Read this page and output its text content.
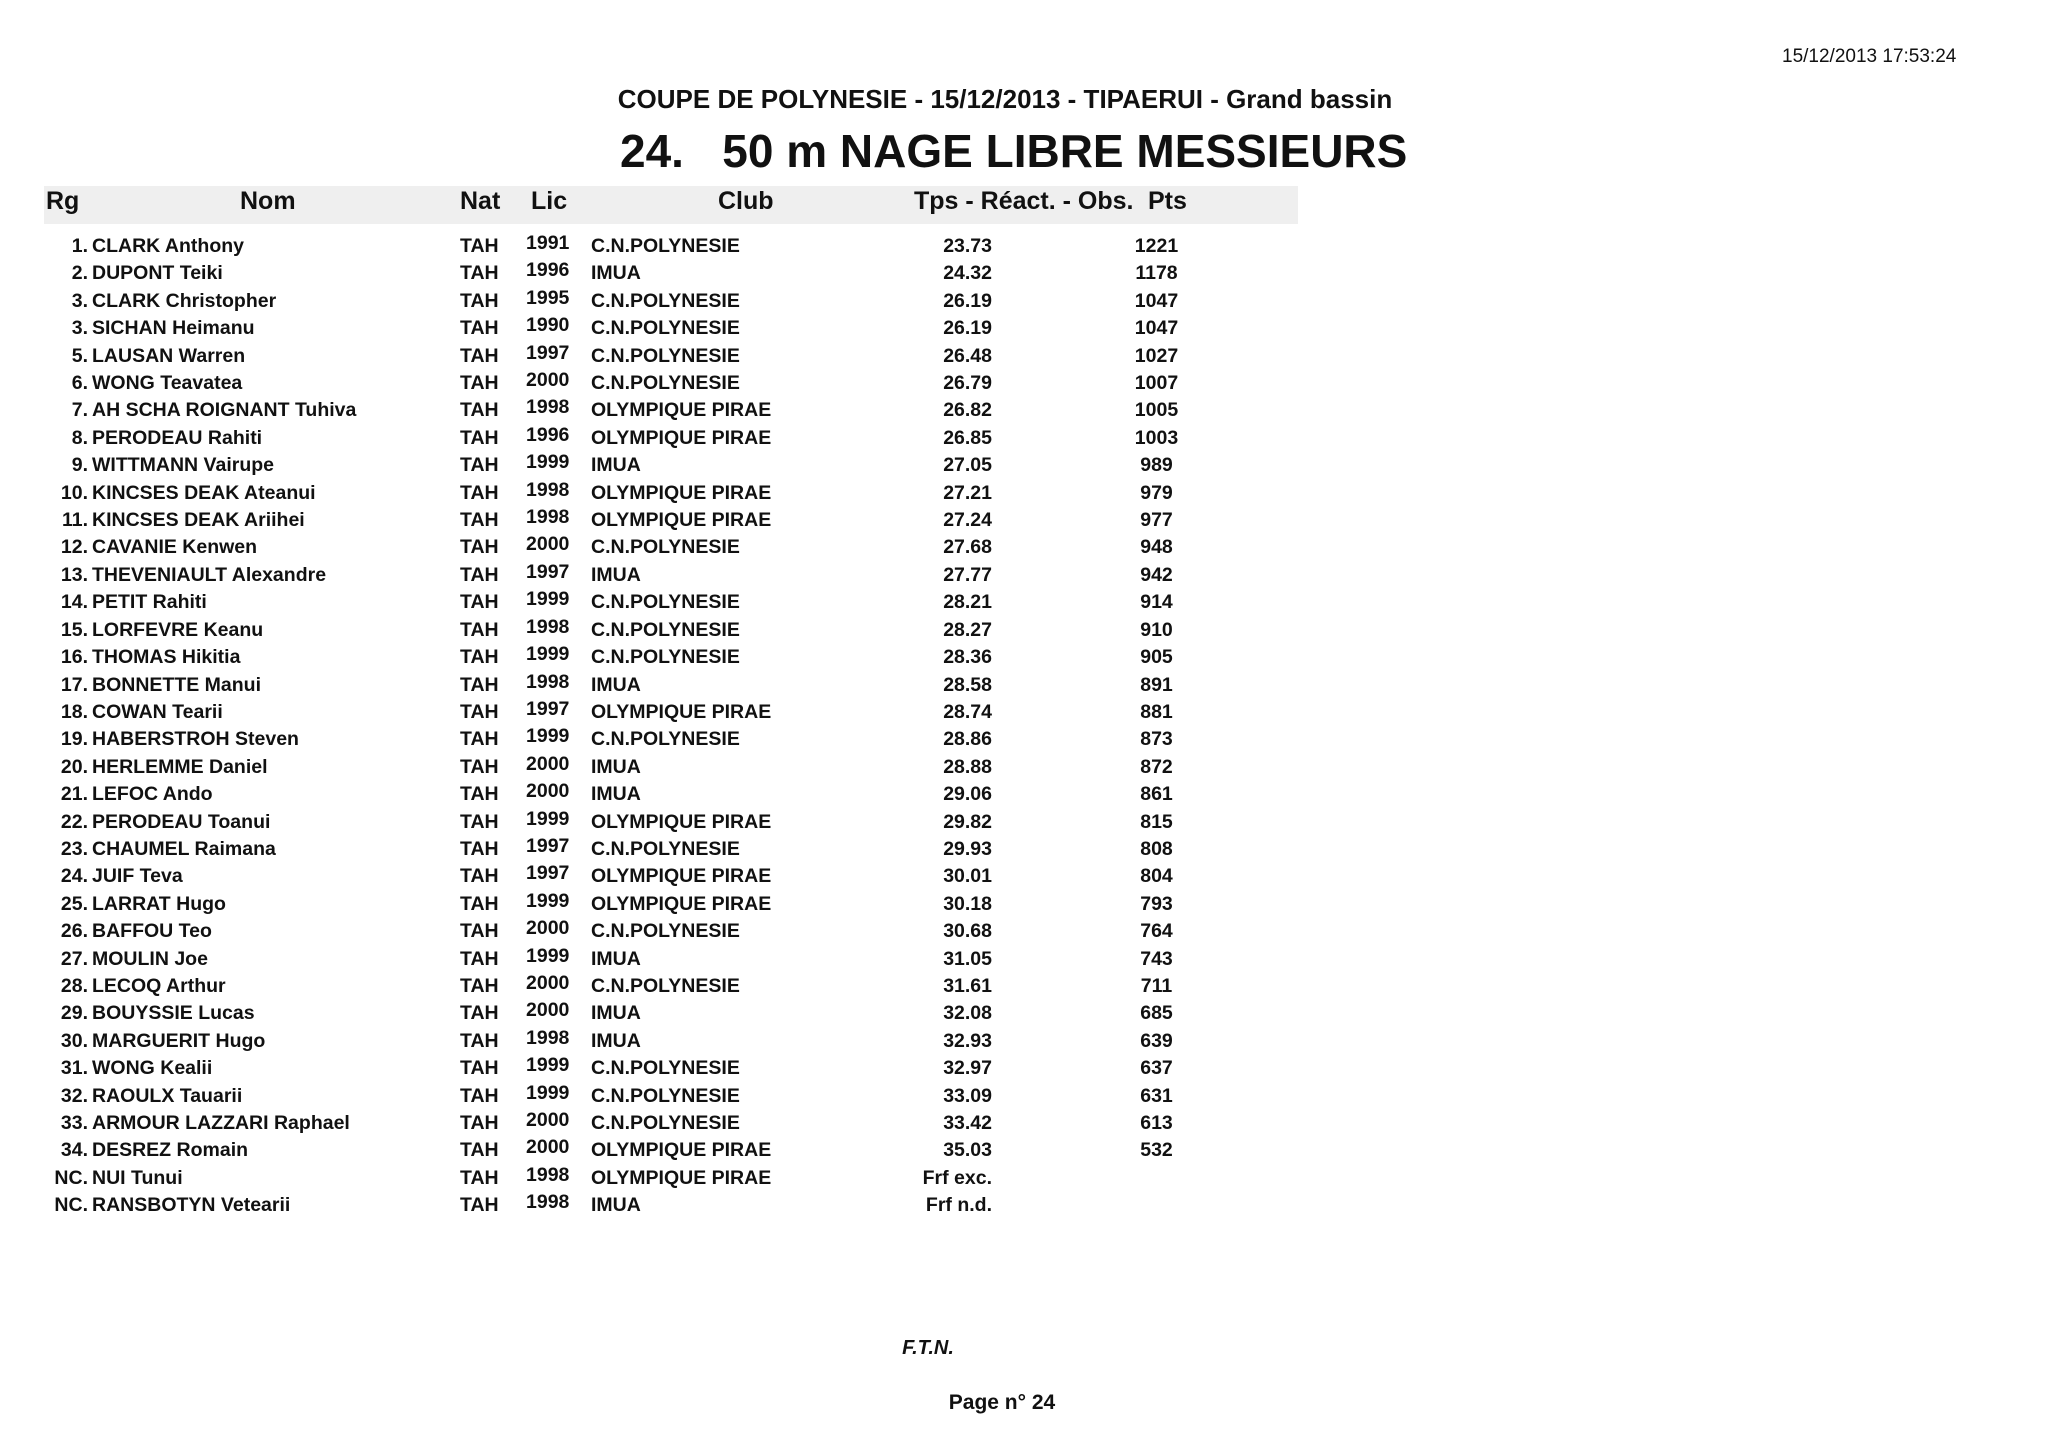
15/12/2013 17:53:24
COUPE DE POLYNESIE - 15/12/2013 - TIPAERUI - Grand bassin
24.   50 m NAGE LIBRE MESSIEURS
Rg	Nom	Nat Lic	Club	Tps - Réact. - Obs. Pts
1. CLARK Anthony	TAH 1991 C.N.POLYNESIE	23.73	1221
2. DUPONT Teiki	TAH 1996 IMUA	24.32	1178
3. CLARK Christopher	TAH 1995 C.N.POLYNESIE	26.19	1047
3. SICHAN Heimanu	TAH 1990 C.N.POLYNESIE	26.19	1047
5. LAUSAN Warren	TAH 1997 C.N.POLYNESIE	26.48	1027
6. WONG Teavatea	TAH 2000 C.N.POLYNESIE	26.79	1007
7. AH SCHA ROIGNANT Tuhiva	TAH 1998 OLYMPIQUE PIRAE	26.82	1005
8. PERODEAU Rahiti	TAH 1996 OLYMPIQUE PIRAE	26.85	1003
9. WITTMANN Vairupe	TAH 1999 IMUA	27.05	989
10. KINCSES DEAK Ateanui	TAH 1998 OLYMPIQUE PIRAE	27.21	979
11. KINCSES DEAK Ariihei	TAH 1998 OLYMPIQUE PIRAE	27.24	977
12. CAVANIE Kenwen	TAH 2000 C.N.POLYNESIE	27.68	948
13. THEVENIAULT Alexandre	TAH 1997 IMUA	27.77	942
14. PETIT Rahiti	TAH 1999 C.N.POLYNESIE	28.21	914
15. LORFEVRE Keanu	TAH 1998 C.N.POLYNESIE	28.27	910
16. THOMAS Hikitia	TAH 1999 C.N.POLYNESIE	28.36	905
17. BONNETTE Manui	TAH 1998 IMUA	28.58	891
18. COWAN Tearii	TAH 1997 OLYMPIQUE PIRAE	28.74	881
19. HABERSTROH Steven	TAH 1999 C.N.POLYNESIE	28.86	873
20. HERLEMME Daniel	TAH 2000 IMUA	28.88	872
21. LEFOC Ando	TAH 2000 IMUA	29.06	861
22. PERODEAU Toanui	TAH 1999 OLYMPIQUE PIRAE	29.82	815
23. CHAUMEL Raimana	TAH 1997 C.N.POLYNESIE	29.93	808
24. JUIF Teva	TAH 1997 OLYMPIQUE PIRAE	30.01	804
25. LARRAT Hugo	TAH 1999 OLYMPIQUE PIRAE	30.18	793
26. BAFFOU Teo	TAH 2000 C.N.POLYNESIE	30.68	764
27. MOULIN Joe	TAH 1999 IMUA	31.05	743
28. LECOQ Arthur	TAH 2000 C.N.POLYNESIE	31.61	711
29. BOUYSSIE Lucas	TAH 2000 IMUA	32.08	685
30. MARGUERIT Hugo	TAH 1998 IMUA	32.93	639
31. WONG Kealii	TAH 1999 C.N.POLYNESIE	32.97	637
32. RAOULX Tauarii	TAH 1999 C.N.POLYNESIE	33.09	631
33. ARMOUR LAZZARI Raphael	TAH 2000 C.N.POLYNESIE	33.42	613
34. DESREZ Romain	TAH 2000 OLYMPIQUE PIRAE	35.03	532
NC. NUI Tunui	TAH 1998 OLYMPIQUE PIRAE	Frf exc.
NC. RANSBOTYN Vetearii	TAH 1998 IMUA	Frf n.d.
F.T.N.
Page n° 24
